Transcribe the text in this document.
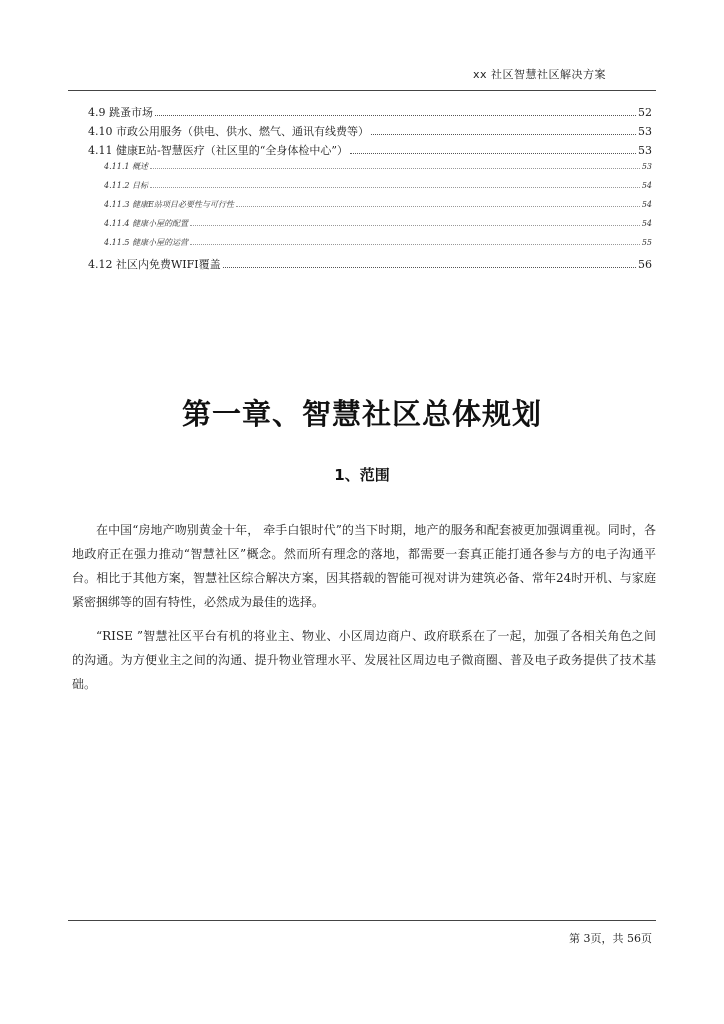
xx 社区智慧社区解决方案
4.9 跳蚤市场	52
4.10 市政公用服务（供电、供水、燃气、通讯有线费等）	53
4.11 健康E站-智慧医疗（社区里的“全身体检中心”）	53
4.11.1 概述	53
4.11.2 目标	54
4.11.3 健康E站项目必要性与可行性	54
4.11.4 健康小屋的配置	54
4.11.5 健康小屋的运营	55
4.12 社区内免费WIFI覆盖	56
第一章、智慧社区总体规划
1、范围

在中国“房地产吻别黄金十年， 牵手白银时代”的当下时期，地产的服务和配套被更加强调重视。同时，各地政府正在强力推动“智慧社区”概念。然而所有理念的落地，都需要一套真正能打通各参与方的电子沟通平台。相比于其他方案，智慧社区综合解决方案，因其搭载的智能可视对讲为建筑必备、常年24时开机、与家庭紧密捆绑等的固有特性，必然成为最佳的选择。

“RISE ”智慧社区平台有机的将业主、物业、小区周边商户、政府联系在了一起，加强了各相关角色之间的沟通。为方便业主之间的沟通、提升物业管理水平、发展社区周边电子微商圈、普及电子政务提供了技术基础。

第 3页，共 56页
